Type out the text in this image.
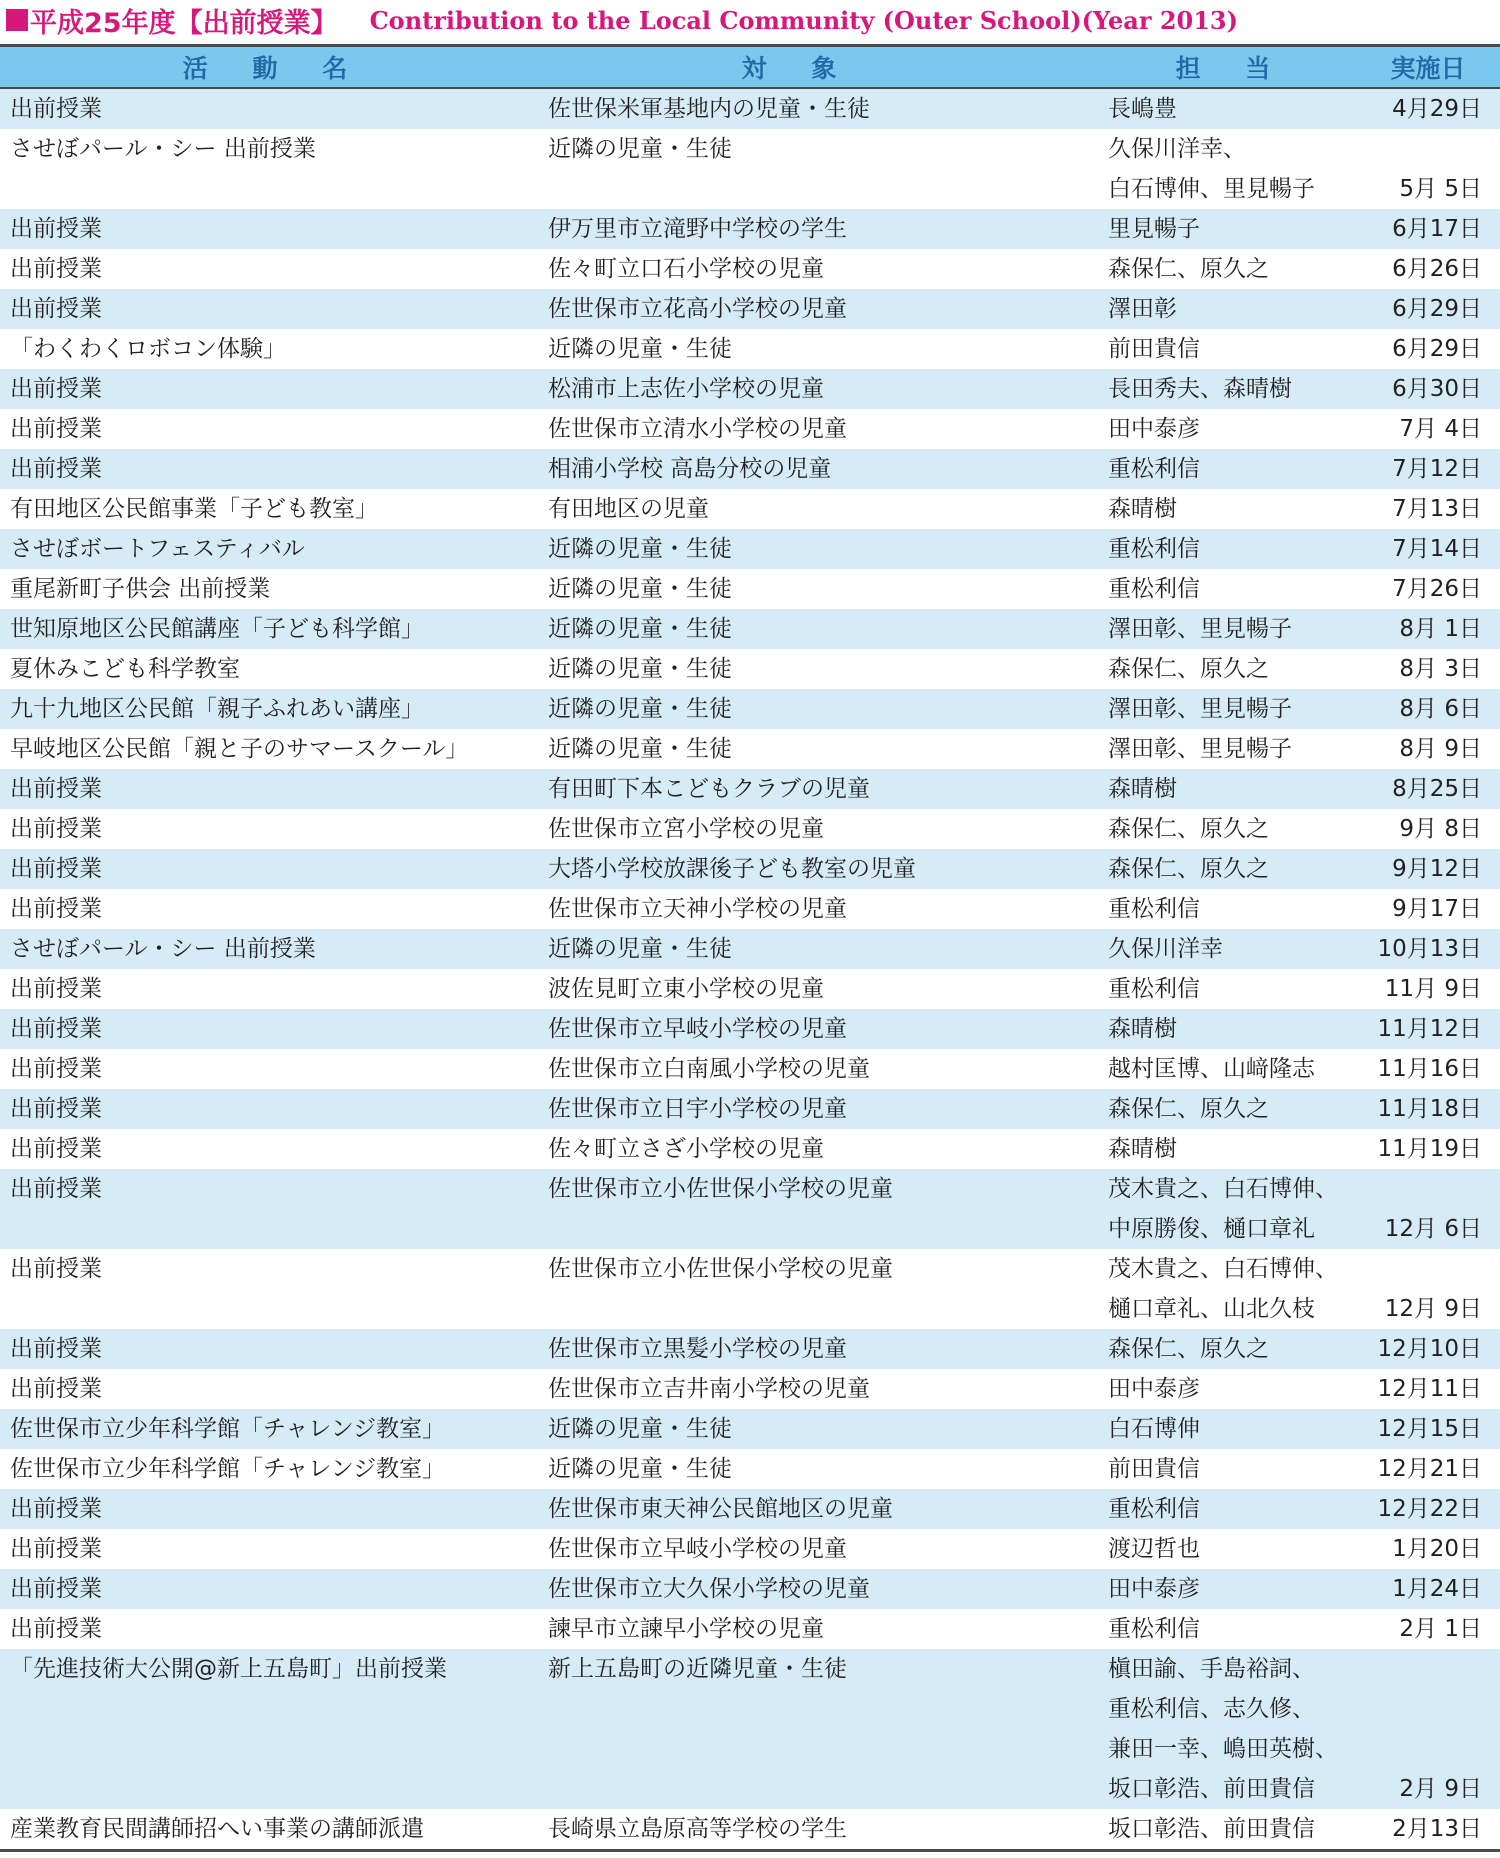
平成25年度【出前授業】 Contribution to the Local Community (Outer School)(Year 2013)
活 動 名	対 象	担 当	実施日
出前授業	佐世保米軍基地内の児童・生徒	長嶋豊	4月29日
させぼパール・シー 出前授業	近隣の児童・生徒	久保川洋幸、
白石博伸、里見暢子	5月 5日
出前授業	伊万里市立滝野中学校の学生	里見暢子	6月17日
出前授業	佐々町立口石小学校の児童	森保仁、原久之	6月26日
出前授業	佐世保市立花高小学校の児童	澤田彰	6月29日
「わくわくロボコン体験」	近隣の児童・生徒	前田貴信	6月29日
出前授業	松浦市上志佐小学校の児童	長田秀夫、森晴樹	6月30日
出前授業	佐世保市立清水小学校の児童	田中泰彦	7月 4日
出前授業	相浦小学校 高島分校の児童	重松利信	7月12日
有田地区公民館事業「子ども教室」	有田地区の児童	森晴樹	7月13日
させぼボートフェスティバル	近隣の児童・生徒	重松利信	7月14日
重尾新町子供会 出前授業	近隣の児童・生徒	重松利信	7月26日
世知原地区公民館講座「子ども科学館」	近隣の児童・生徒	澤田彰、里見暢子	8月 1日
夏休みこども科学教室	近隣の児童・生徒	森保仁、原久之	8月 3日
九十九地区公民館「親子ふれあい講座」	近隣の児童・生徒	澤田彰、里見暢子	8月 6日
早岐地区公民館「親と子のサマースクール」	近隣の児童・生徒	澤田彰、里見暢子	8月 9日
出前授業	有田町下本こどもクラブの児童	森晴樹	8月25日
出前授業	佐世保市立宮小学校の児童	森保仁、原久之	9月 8日
出前授業	大塔小学校放課後子ども教室の児童	森保仁、原久之	9月12日
出前授業	佐世保市立天神小学校の児童	重松利信	9月17日
させぼパール・シー 出前授業	近隣の児童・生徒	久保川洋幸	10月13日
出前授業	波佐見町立東小学校の児童	重松利信	11月 9日
出前授業	佐世保市立早岐小学校の児童	森晴樹	11月12日
出前授業	佐世保市立白南風小学校の児童	越村匡博、山﨑隆志	11月16日
出前授業	佐世保市立日宇小学校の児童	森保仁、原久之	11月18日
出前授業	佐々町立さざ小学校の児童	森晴樹	11月19日
出前授業	佐世保市立小佐世保小学校の児童	茂木貴之、白石博伸、
中原勝俊、樋口章礼	12月 6日
出前授業	佐世保市立小佐世保小学校の児童	茂木貴之、白石博伸、
樋口章礼、山北久枝	12月 9日
出前授業	佐世保市立黒髪小学校の児童	森保仁、原久之	12月10日
出前授業	佐世保市立吉井南小学校の児童	田中泰彦	12月11日
佐世保市立少年科学館「チャレンジ教室」	近隣の児童・生徒	白石博伸	12月15日
佐世保市立少年科学館「チャレンジ教室」	近隣の児童・生徒	前田貴信	12月21日
出前授業	佐世保市東天神公民館地区の児童	重松利信	12月22日
出前授業	佐世保市立早岐小学校の児童	渡辺哲也	1月20日
出前授業	佐世保市立大久保小学校の児童	田中泰彦	1月24日
出前授業	諫早市立諫早小学校の児童	重松利信	2月 1日
「先進技術大公開@新上五島町」出前授業	新上五島町の近隣児童・生徒	槇田諭、手島裕詞、
重松利信、志久修、
兼田一幸、嶋田英樹、
坂口彰浩、前田貴信	2月 9日
産業教育民間講師招へい事業の講師派遣	長崎県立島原高等学校の学生	坂口彰浩、前田貴信	2月13日
